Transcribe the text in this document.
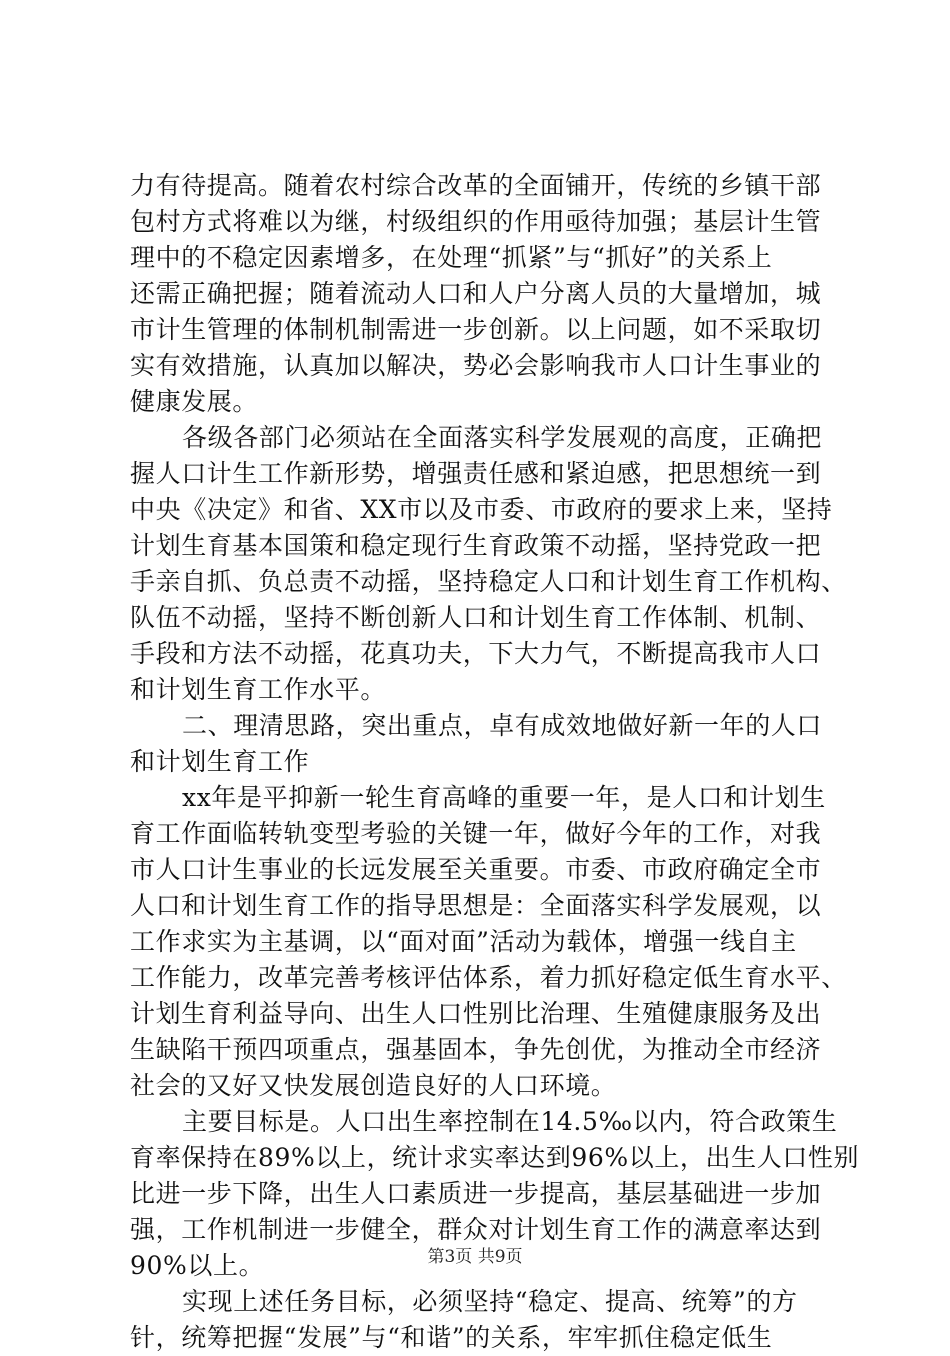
力有待提高。随着农村综合改革的全面铺开，传统的乡镇干部
包村方式将难以为继，村级组织的作用亟待加强；基层计生管
理中的不稳定因素增多，在处理“抓紧”与“抓好”的关系上
还需正确把握；随着流动人口和人户分离人员的大量增加，城
市计生管理的体制机制需进一步创新。以上问题，如不采取切
实有效措施，认真加以解决，势必会影响我市人口计生事业的
健康发展。
各级各部门必须站在全面落实科学发展观的高度，正确把
握人口计生工作新形势，增强责任感和紧迫感，把思想统一到
中央《决定》和省、XX市以及市委、市政府的要求上来，坚持
计划生育基本国策和稳定现行生育政策不动摇，坚持党政一把
手亲自抓、负总责不动摇，坚持稳定人口和计划生育工作机构、
队伍不动摇，坚持不断创新人口和计划生育工作体制、机制、
手段和方法不动摇，花真功夫，下大力气，不断提高我市人口
和计划生育工作水平。
二、理清思路，突出重点，卓有成效地做好新一年的人口
和计划生育工作
xx年是平抑新一轮生育高峰的重要一年，是人口和计划生
育工作面临转轨变型考验的关键一年，做好今年的工作，对我
市人口计生事业的长远发展至关重要。市委、市政府确定全市
人口和计划生育工作的指导思想是：全面落实科学发展观，以
工作求实为主基调，以“面对面”活动为载体，增强一线自主
工作能力，改革完善考核评估体系，着力抓好稳定低生育水平、
计划生育利益导向、出生人口性别比治理、生殖健康服务及出
生缺陷干预四项重点，强基固本，争先创优，为推动全市经济
社会的又好又快发展创造良好的人口环境。
主要目标是。人口出生率控制在14.5‰以内，符合政策生
育率保持在89%以上，统计求实率达到96%以上，出生人口性别
比进一步下降，出生人口素质进一步提高，基层基础进一步加
强，工作机制进一步健全，群众对计划生育工作的满意率达到
90%以上。
实现上述任务目标，必须坚持“稳定、提高、统筹”的方
针，统筹把握“发展”与“和谐”的关系，牢牢抓住稳定低生
第3页 共9页
